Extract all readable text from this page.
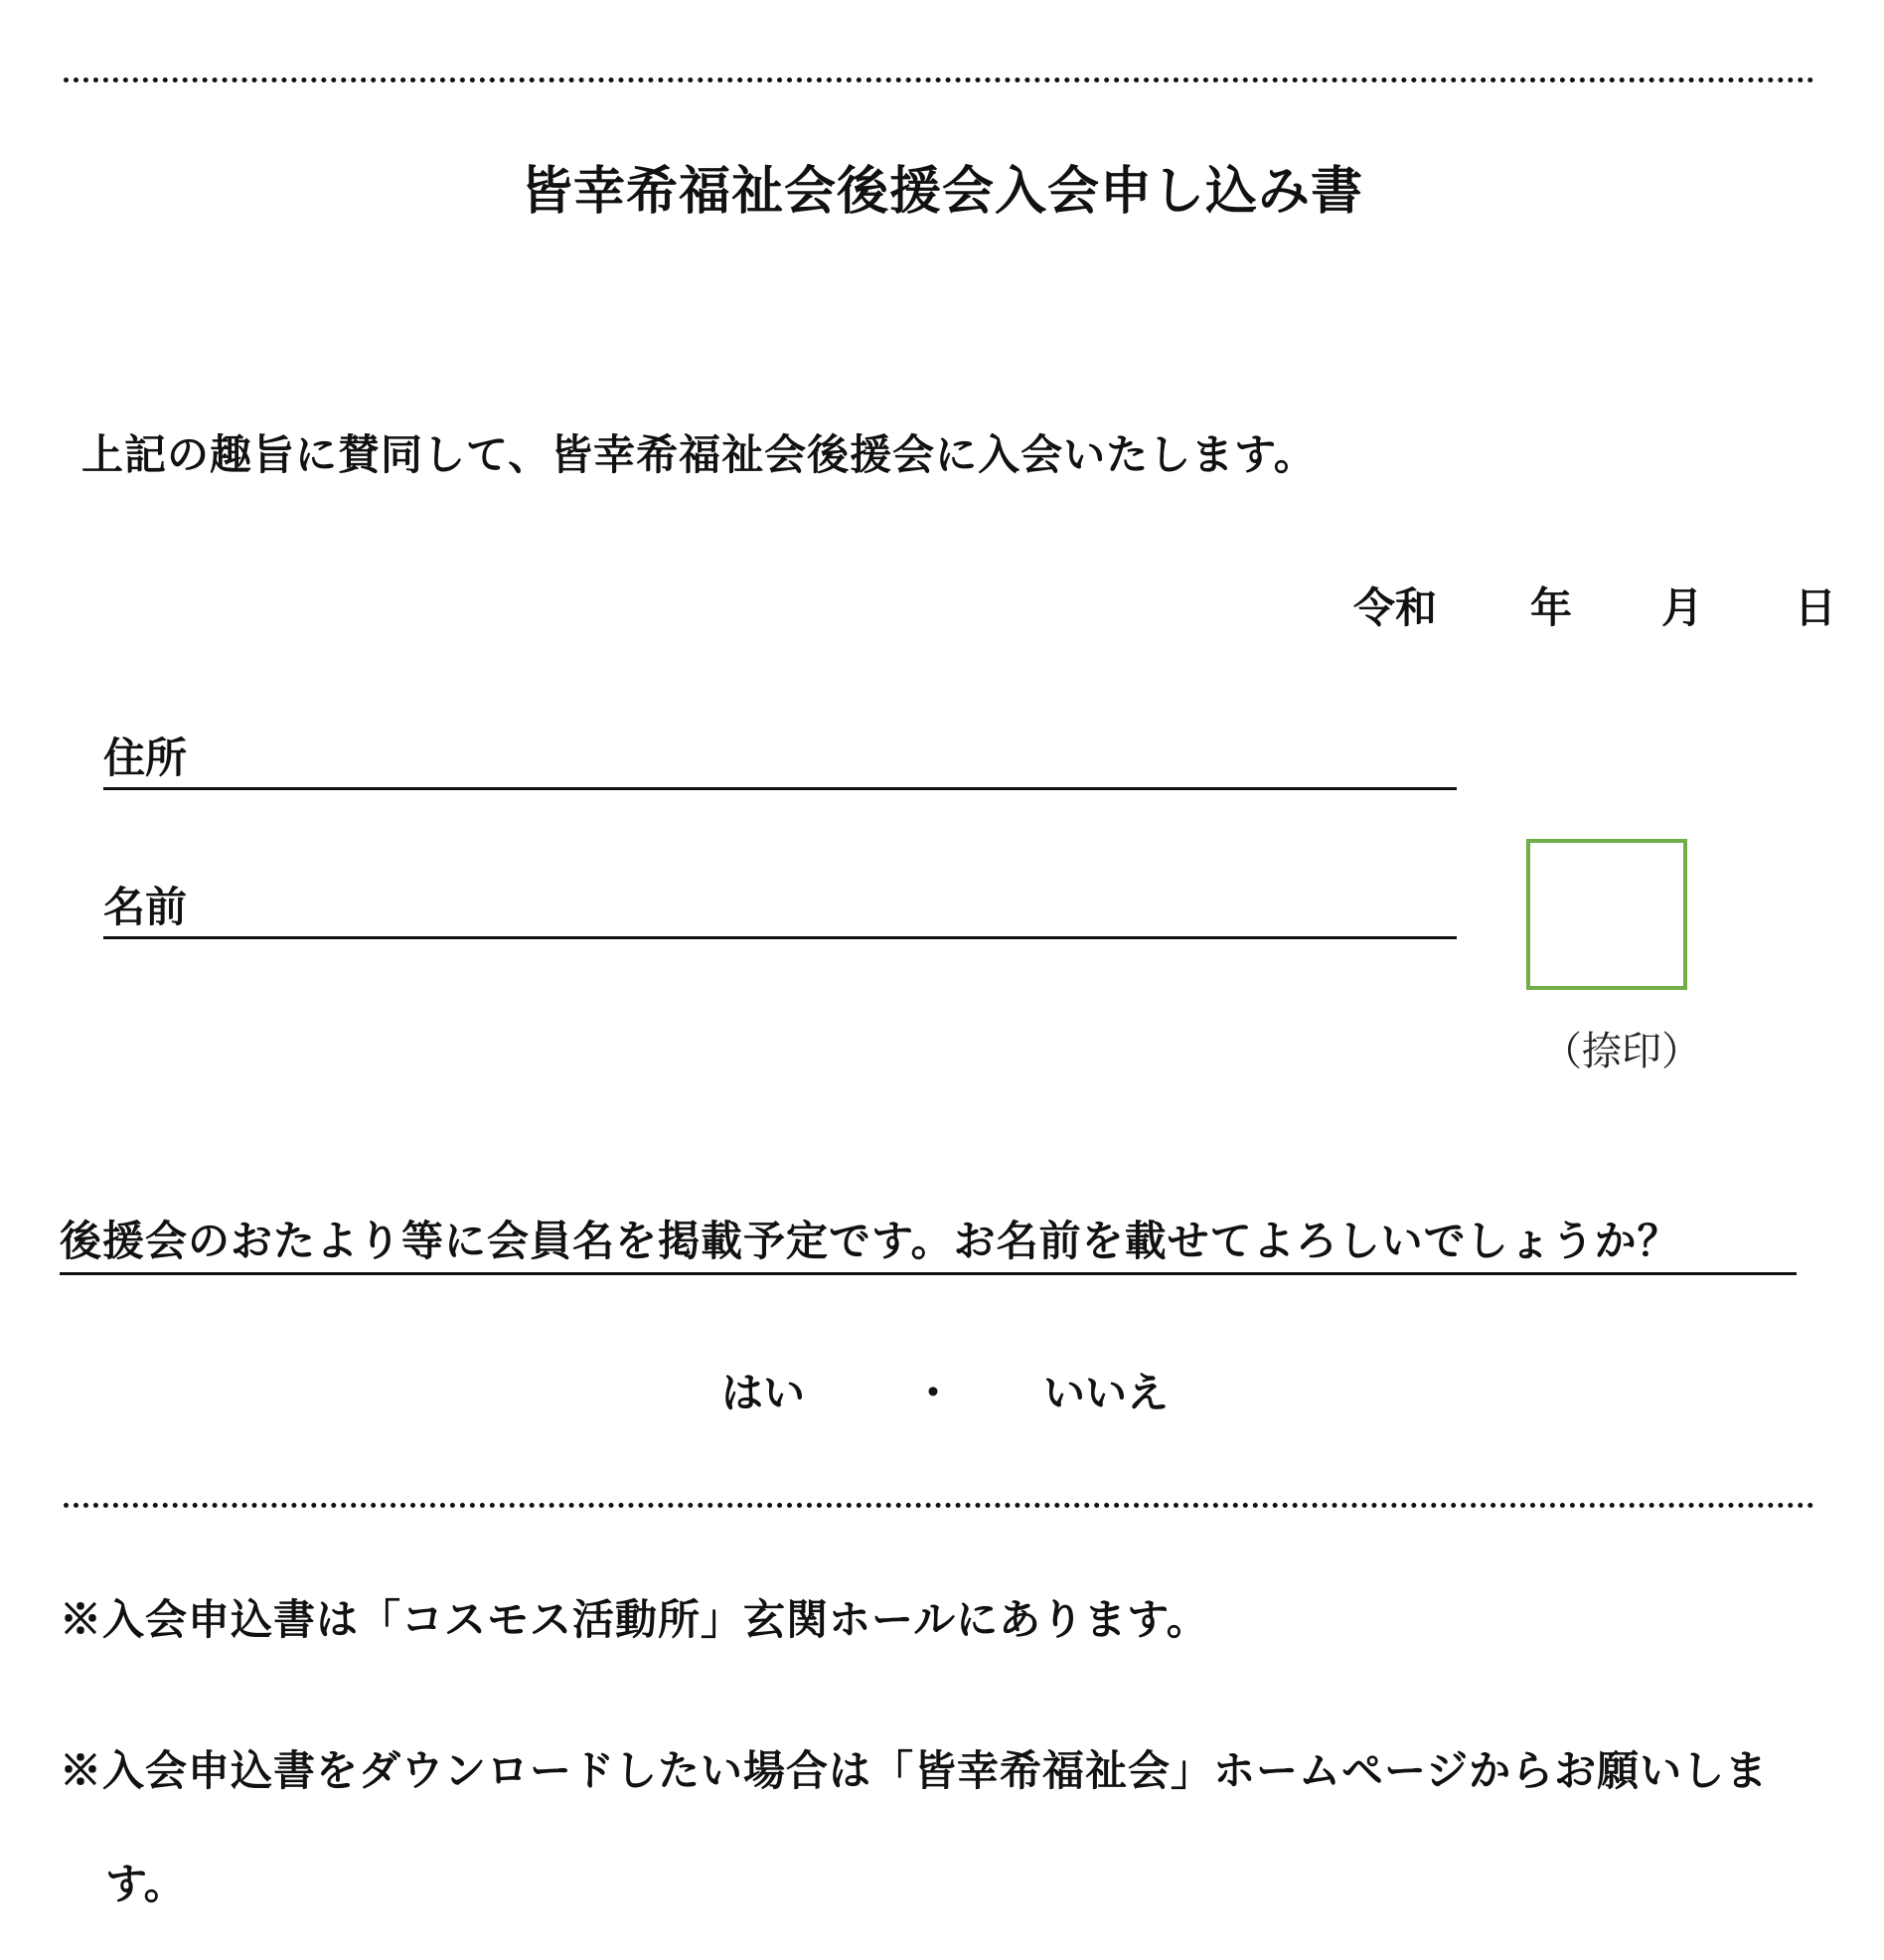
皆幸希福祉会後援会入会申し込み書
上記の趣旨に賛同して、皆幸希福祉会後援会に入会いたします。
令和 年 月 日
住所
名前
（捺印）
後援会のおたより等に会員名を掲載予定です。お名前を載せてよろしいでしょうか？
はい	・ いいえ
※入会申込書は「コスモス活動所」玄関ホールにあります。
※入会申込書をダウンロードしたい場合は「皆幸希福祉会」ホームページからお願いしま
す。
